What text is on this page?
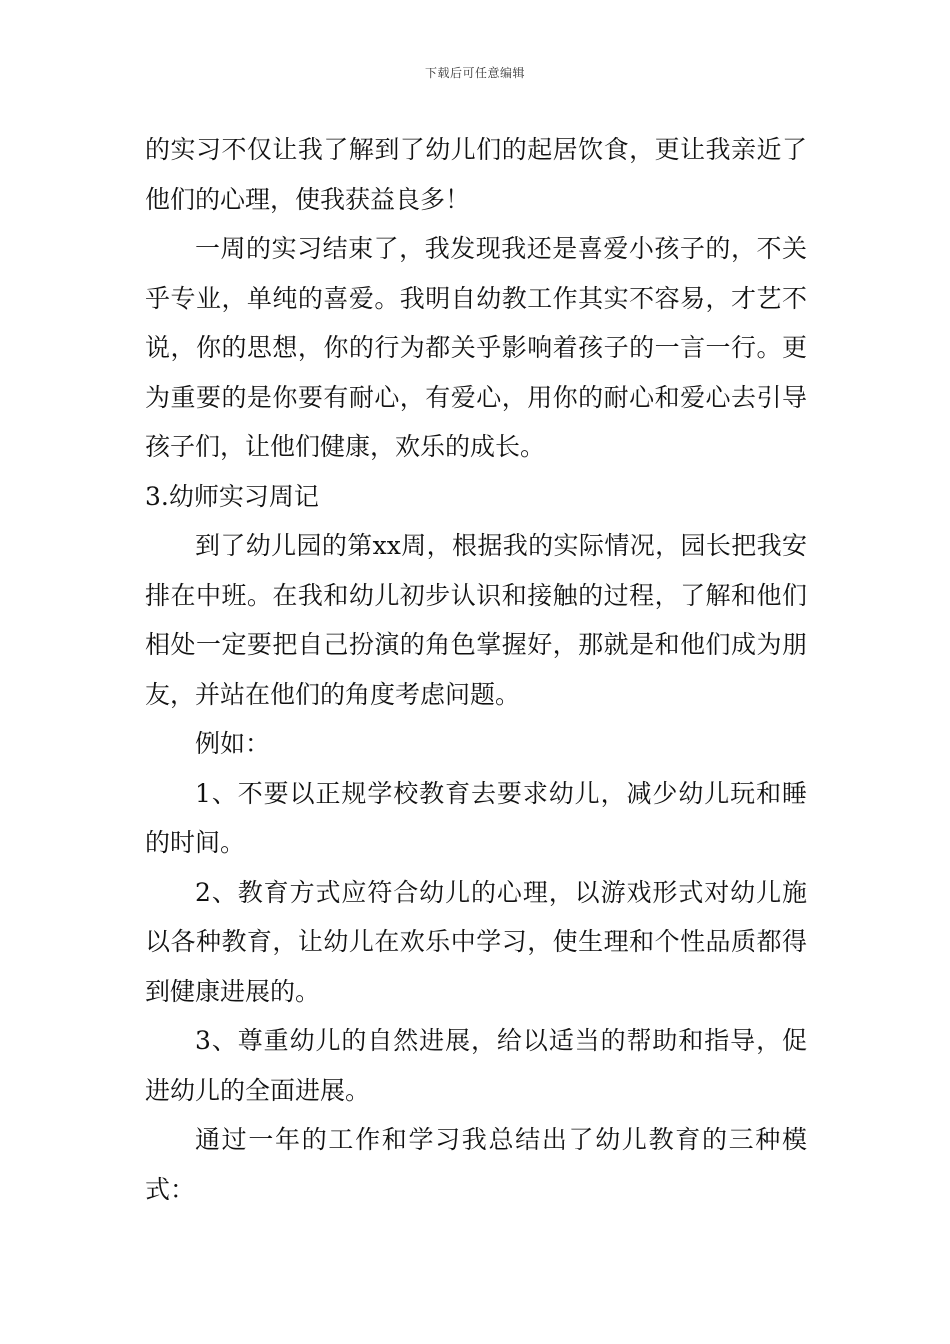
下载后可任意编辑

的实习不仅让我了解到了幼儿们的起居饮食，更让我亲近了他们的心理，使我获益良多！

一周的实习结束了，我发现我还是喜爱小孩子的，不关乎专业，单纯的喜爱。我明自幼教工作其实不容易，才艺不说，你的思想，你的行为都关乎影响着孩子的一言一行。更为重要的是你要有耐心，有爱心，用你的耐心和爱心去引导孩子们，让他们健康，欢乐的成长。

3.幼师实习周记

到了幼儿园的第xx周，根据我的实际情况，园长把我安排在中班。在我和幼儿初步认识和接触的过程，了解和他们相处一定要把自己扮演的角色掌握好，那就是和他们成为朋友，并站在他们的角度考虑问题。

例如：

1、不要以正规学校教育去要求幼儿，减少幼儿玩和睡的时间。

2、教育方式应符合幼儿的心理，以游戏形式对幼儿施以各种教育，让幼儿在欢乐中学习，使生理和个性品质都得到健康进展的。

3、尊重幼儿的自然进展，给以适当的帮助和指导，促进幼儿的全面进展。

通过一年的工作和学习我总结出了幼儿教育的三种模式：
